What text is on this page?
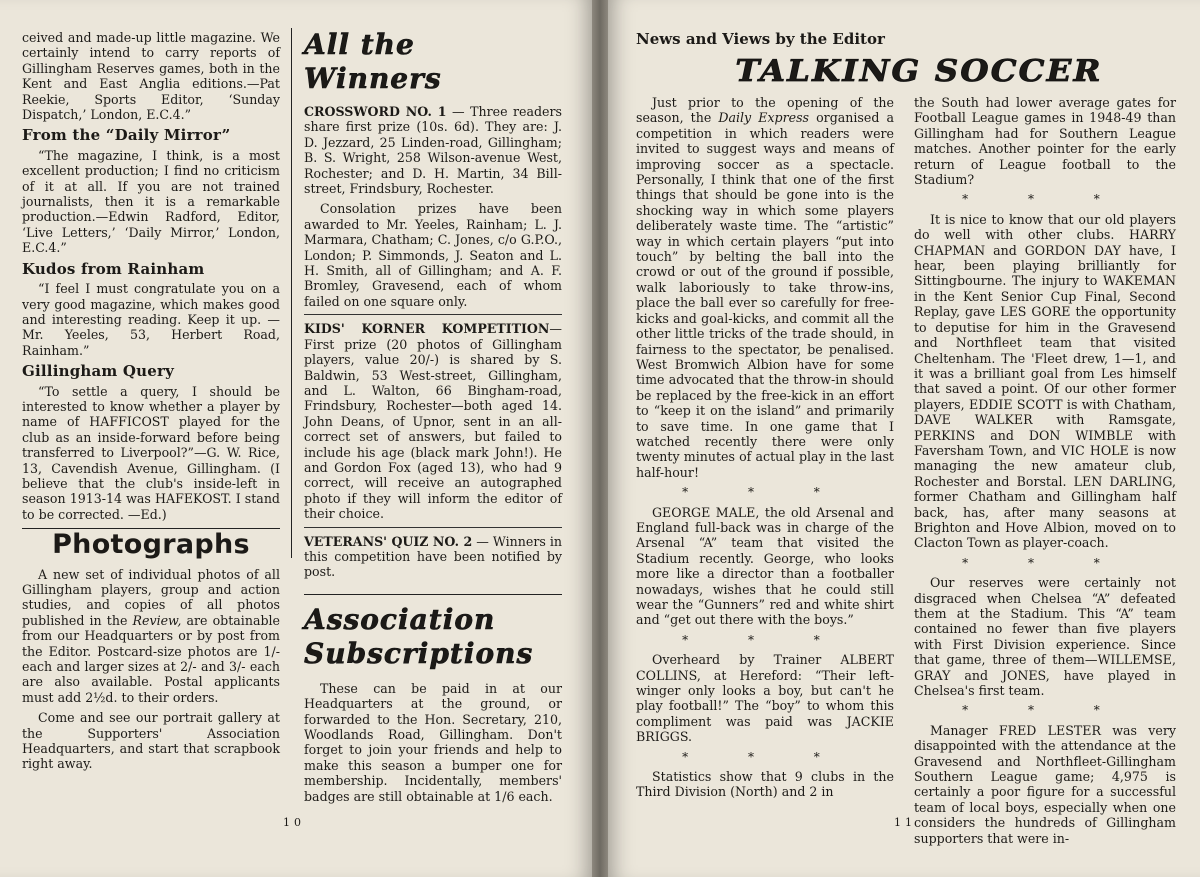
ceived and made-up little magazine. We certainly intend to carry reports of Gillingham Reserves games, both in the Kent and East Anglia editions.—Pat Reekie, Sports Editor, ‘Sunday Dispatch,’ London, E.C.4.”

From the “Daily Mirror”

“The magazine, I think, is a most excellent production; I find no criticism of it at all. If you are not trained journalists, then it is a remarkable production.—Edwin Radford, Editor, ‘Live Letters,’ ‘Daily Mirror,’ London, E.C.4.”

Kudos from Rainham

“I feel I must congratulate you on a very good magazine, which makes good and interesting reading. Keep it up. —Mr. Yeeles, 53, Herbert Road, Rainham.”

Gillingham Query

“To settle a query, I should be interested to know whether a player by name of HAFFICOST played for the club as an inside-forward before being transferred to Liverpool?”—G. W. Rice, 13, Cavendish Avenue, Gillingham. (I believe that the club's inside-left in season 1913-14 was HAFEKOST. I stand to be corrected. —Ed.)

Photographs

A new set of individual photos of all Gillingham players, group and action studies, and copies of all photos published in the Review, are obtainable from our Headquarters or by post from the Editor. Postcard-size photos are 1/- each and larger sizes at 2/- and 3/- each are also available. Postal applicants must add 2½d. to their orders.

Come and see our portrait gallery at the Supporters' Association Headquarters, and start that scrapbook right away.

All the
Winners

CROSSWORD NO. 1 — Three readers share first prize (10s. 6d). They are: J. D. Jezzard, 25 Linden-road, Gillingham; B. S. Wright, 258 Wilson-avenue West, Rochester; and D. H. Martin, 34 Bill-street, Frindsbury, Rochester.

Consolation prizes have been awarded to Mr. Yeeles, Rainham; L. J. Marmara, Chatham; C. Jones, c/o G.P.O., London; P. Simmonds, J. Seaton and L. H. Smith, all of Gillingham; and A. F. Bromley, Gravesend, each of whom failed on one square only.

KIDS' KORNER KOMPETITION—First prize (20 photos of Gillingham players, value 20/-) is shared by S. Baldwin, 53 West-street, Gillingham, and L. Walton, 66 Bingham-road, Frindsbury, Rochester—both aged 14. John Deans, of Upnor, sent in an all-correct set of answers, but failed to include his age (black mark John!). He and Gordon Fox (aged 13), who had 9 correct, will receive an autographed photo if they will inform the editor of their choice.

VETERANS' QUIZ NO. 2 — Winners in this competition have been notified by post.

Association
Subscriptions

These can be paid in at our Headquarters at the ground, or forwarded to the Hon. Secretary, 210, Woodlands Road, Gillingham. Don't forget to join your friends and help to make this season a bumper one for membership. Incidentally, members' badges are still obtainable at 1/6 each.

10
News and Views by the Editor
TALKING SOCCER

Just prior to the opening of the season, the Daily Express organised a competition in which readers were invited to suggest ways and means of improving soccer as a spectacle. Personally, I think that one of the first things that should be gone into is the shocking way in which some players deliberately waste time. The “artistic” way in which certain players “put into touch” by belting the ball into the crowd or out of the ground if possible, walk laboriously to take throw-ins, place the ball ever so carefully for free-kicks and goal-kicks, and commit all the other little tricks of the trade should, in fairness to the spectator, be penalised. West Bromwich Albion have for some time advocated that the throw-in should be replaced by the free-kick in an effort to “keep it on the island” and primarily to save time. In one game that I watched recently there were only twenty minutes of actual play in the last half-hour!

* * *

GEORGE MALE, the old Arsenal and England full-back was in charge of the Arsenal “A” team that visited the Stadium recently. George, who looks more like a director than a footballer nowadays, wishes that he could still wear the “Gunners” red and white shirt and “get out there with the boys.”

* * *

Overheard by Trainer ALBERT COLLINS, at Hereford: “Their left-winger only looks a boy, but can't he play football!” The “boy” to whom this compliment was paid was JACKIE BRIGGS.

* * *

Statistics show that 9 clubs in the Third Division (North) and 2 in

the South had lower average gates for Football League games in 1948-49 than Gillingham had for Southern League matches. Another pointer for the early return of League football to the Stadium?

* * *

It is nice to know that our old players do well with other clubs. HARRY CHAPMAN and GORDON DAY have, I hear, been playing brilliantly for Sittingbourne. The injury to WAKEMAN in the Kent Senior Cup Final, Second Replay, gave LES GORE the opportunity to deputise for him in the Gravesend and Northfleet team that visited Cheltenham. The 'Fleet drew, 1—1, and it was a brilliant goal from Les himself that saved a point. Of our other former players, EDDIE SCOTT is with Chatham, DAVE WALKER with Ramsgate, PERKINS and DON WIMBLE with Faversham Town, and VIC HOLE is now managing the new amateur club, Rochester and Borstal. LEN DARLING, former Chatham and Gillingham half back, has, after many seasons at Brighton and Hove Albion, moved on to Clacton Town as player-coach.

* * *

Our reserves were certainly not disgraced when Chelsea “A” defeated them at the Stadium. This “A” team contained no fewer than five players with First Division experience. Since that game, three of them—WILLEMSE, GRAY and JONES, have played in Chelsea's first team.

* * *

Manager FRED LESTER was very disappointed with the attendance at the Gravesend and Northfleet-Gillingham Southern League game; 4,975 is certainly a poor figure for a successful team of local boys, especially when one considers the hundreds of Gillingham supporters that were in-

11
